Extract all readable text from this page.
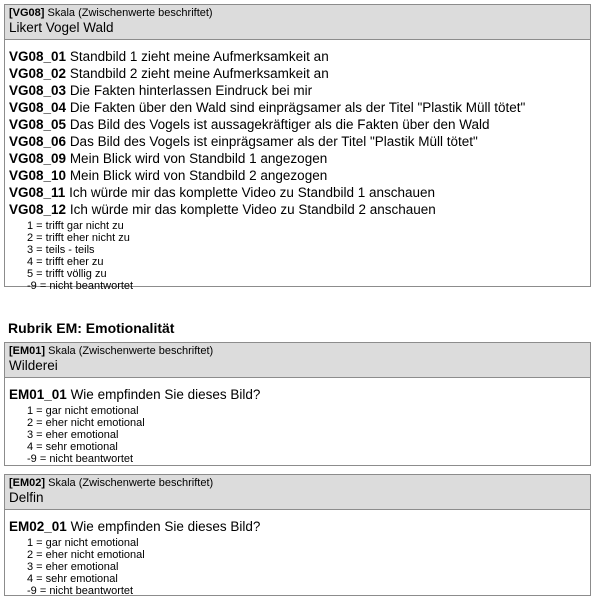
[VG08] Skala (Zwischenwerte beschriftet)
Likert Vogel Wald
VG08_01 Standbild 1 zieht meine Aufmerksamkeit an
VG08_02 Standbild 2 zieht meine Aufmerksamkeit an
VG08_03 Die Fakten hinterlassen Eindruck bei mir
VG08_04 Die Fakten über den Wald sind einprägsamer als der Titel "Plastik Müll tötet"
VG08_05 Das Bild des Vogels ist aussagekräftiger als die Fakten über den Wald
VG08_06 Das Bild des Vogels ist einprägsamer als der Titel "Plastik Müll tötet"
VG08_09 Mein Blick wird von Standbild 1 angezogen
VG08_10 Mein Blick wird von Standbild 2 angezogen
VG08_11 Ich würde mir das komplette Video zu Standbild 1 anschauen
VG08_12 Ich würde mir das komplette Video zu Standbild 2 anschauen
1 = trifft gar nicht zu
2 = trifft eher nicht zu
3 = teils - teils
4 = trifft eher zu
5 = trifft völlig zu
-9 = nicht beantwortet
Rubrik EM: Emotionalität
[EM01] Skala (Zwischenwerte beschriftet)
Wilderei
EM01_01 Wie empfinden Sie dieses Bild?
1 = gar nicht emotional
2 = eher nicht emotional
3 = eher emotional
4 = sehr emotional
-9 = nicht beantwortet
[EM02] Skala (Zwischenwerte beschriftet)
Delfin
EM02_01 Wie empfinden Sie dieses Bild?
1 = gar nicht emotional
2 = eher nicht emotional
3 = eher emotional
4 = sehr emotional
-9 = nicht beantwortet
